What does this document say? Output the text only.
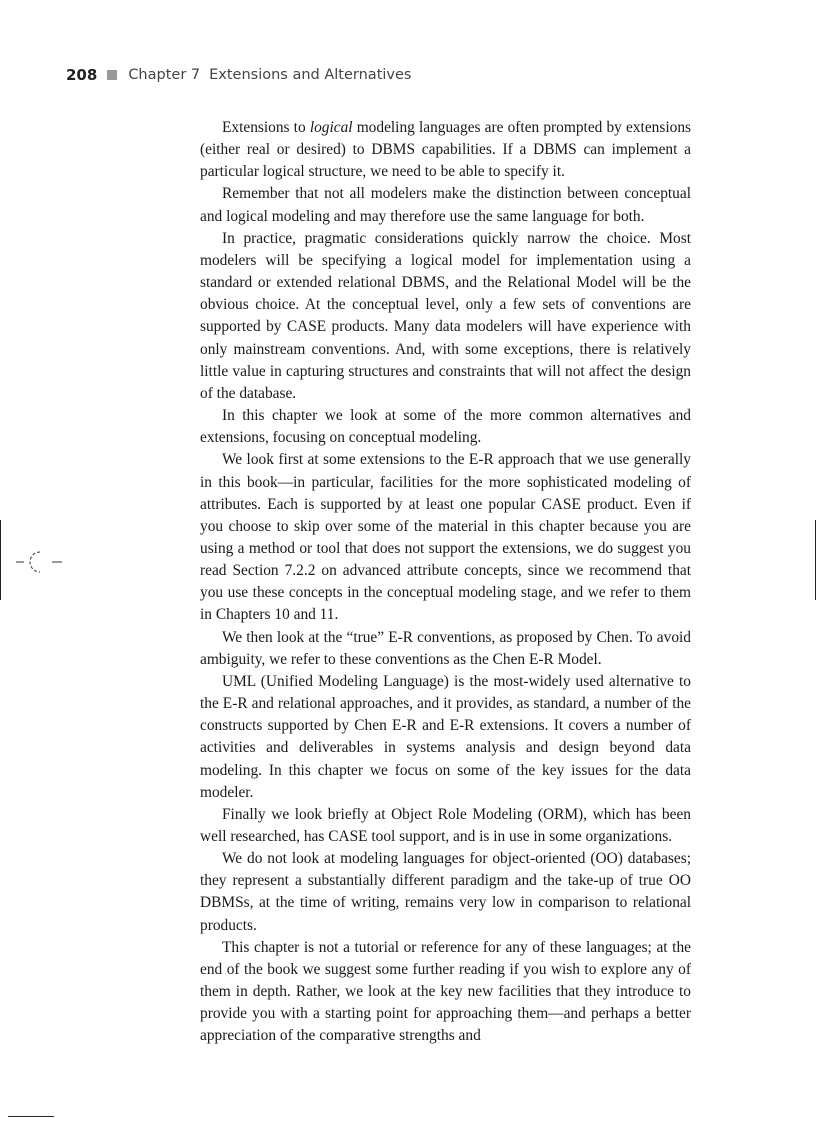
208 Chapter 7 Extensions and Alternatives

Extensions to logical modeling languages are often prompted by extensions (either real or desired) to DBMS capabilities. If a DBMS can implement a particular logical structure, we need to be able to specify it.

Remember that not all modelers make the distinction between conceptual and logical modeling and may therefore use the same language for both.

In practice, pragmatic considerations quickly narrow the choice. Most modelers will be specifying a logical model for implementation using a standard or extended relational DBMS, and the Relational Model will be the obvious choice. At the conceptual level, only a few sets of conventions are supported by CASE products. Many data modelers will have experience with only mainstream conventions. And, with some exceptions, there is relatively little value in capturing structures and constraints that will not affect the design of the database.

In this chapter we look at some of the more common alternatives and extensions, focusing on conceptual modeling.

We look first at some extensions to the E-R approach that we use generally in this book—in particular, facilities for the more sophisticated modeling of attributes. Each is supported by at least one popular CASE product. Even if you choose to skip over some of the material in this chapter because you are using a method or tool that does not support the extensions, we do suggest you read Section 7.2.2 on advanced attribute concepts, since we recommend that you use these concepts in the conceptual modeling stage, and we refer to them in Chapters 10 and 11.

We then look at the “true” E-R conventions, as proposed by Chen. To avoid ambiguity, we refer to these conventions as the Chen E-R Model.

UML (Unified Modeling Language) is the most-widely used alternative to the E-R and relational approaches, and it provides, as standard, a number of the constructs supported by Chen E-R and E-R extensions. It covers a number of activities and deliverables in systems analysis and design beyond data modeling. In this chapter we focus on some of the key issues for the data modeler.

Finally we look briefly at Object Role Modeling (ORM), which has been well researched, has CASE tool support, and is in use in some organizations.

We do not look at modeling languages for object-oriented (OO) databases; they represent a substantially different paradigm and the take-up of true OO DBMSs, at the time of writing, remains very low in comparison to relational products.

This chapter is not a tutorial or reference for any of these languages; at the end of the book we suggest some further reading if you wish to explore any of them in depth. Rather, we look at the key new facilities that they introduce to provide you with a starting point for approaching them—and perhaps a better appreciation of the comparative strengths and
